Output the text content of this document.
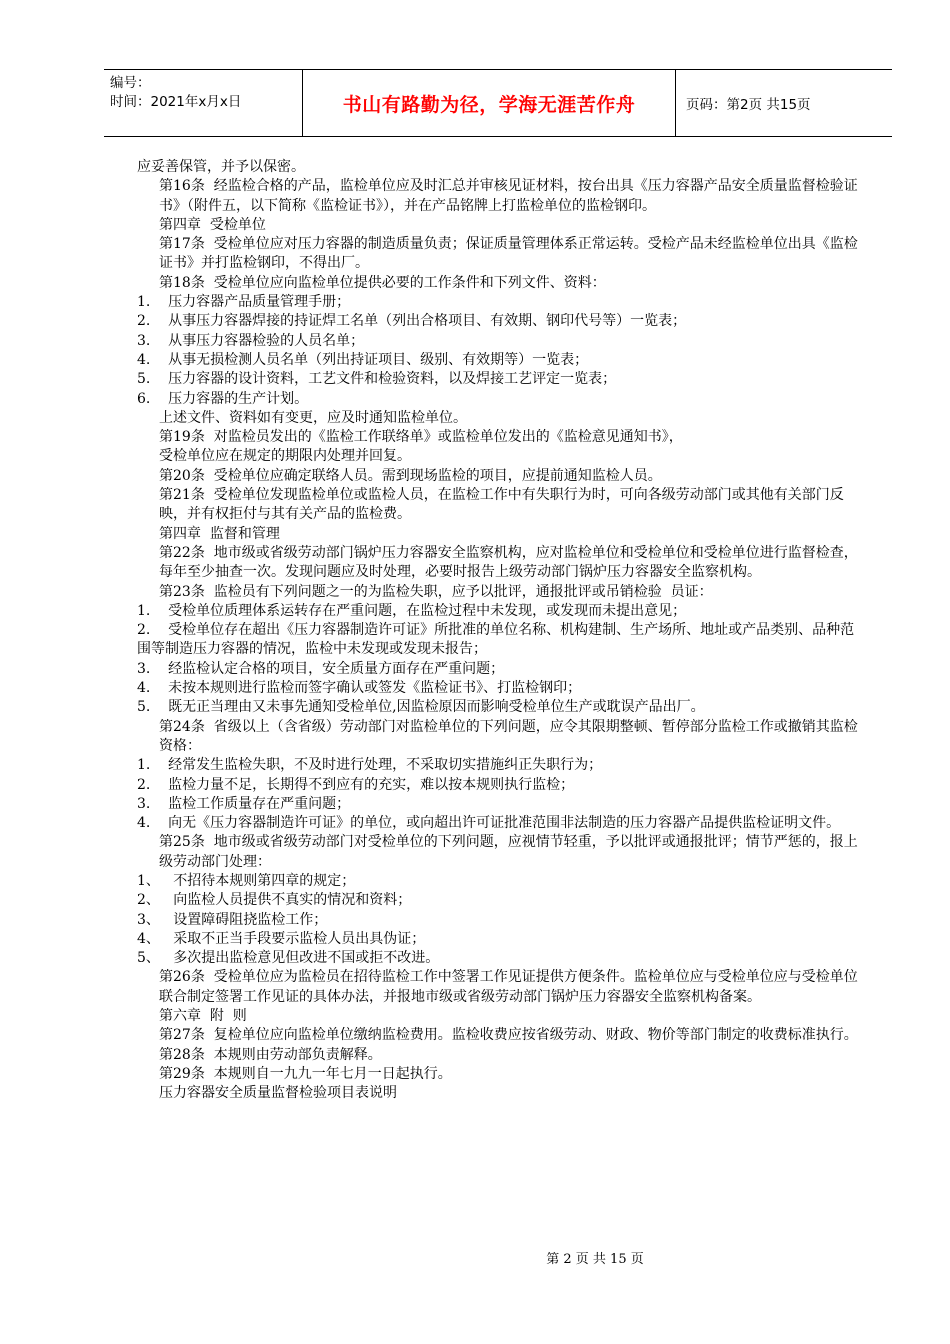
编号：
时间：2021年x月x日	书山有路勤为径，学海无涯苦作舟	页码：第2页 共15页

应妥善保管，并予以保密。

第16条  经监检合格的产品，监检单位应及时汇总并审核见证材料，按台出具《压力容器产品安全质量监督检验证书》（附件五，以下简称《监检证书》），并在产品铭牌上打监检单位的监检钢印。

第四章  受检单位

第17条  受检单位应对压力容器的制造质量负责；保证质量管理体系正常运转。受检产品未经监检单位出具《监检证书》并打监检钢印，不得出厂。

第18条  受检单位应向监检单位提供必要的工作条件和下列文件、资料：

1.    压力容器产品质量管理手册；

2.    从事压力容器焊接的持证焊工名单（列出合格项目、有效期、钢印代号等）一览表；

3.    从事压力容器检验的人员名单；

4.    从事无损检测人员名单（列出持证项目、级别、有效期等）一览表；

5.    压力容器的设计资料，工艺文件和检验资料，以及焊接工艺评定一览表；

6.    压力容器的生产计划。

上述文件、资料如有变更，应及时通知监检单位。

第19条  对监检员发出的《监检工作联络单》或监检单位发出的《监检意见通知书》，

受检单位应在规定的期限内处理并回复。

第20条  受检单位应确定联络人员。需到现场监检的项目，应提前通知监检人员。

第21条  受检单位发现监检单位或监检人员，在监检工作中有失职行为时，可向各级劳动部门或其他有关部门反映，并有权拒付与其有关产品的监检费。

第四章  监督和管理

第22条  地市级或省级劳动部门锅炉压力容器安全监察机构，应对监检单位和受检单位和受检单位进行监督检查，每年至少抽查一次。发现问题应及时处理，必要时报告上级劳动部门锅炉压力容器安全监察机构。

第23条  监检员有下列问题之一的为监检失职，应予以批评，通报批评或吊销检验  员证：

1.    受检单位质理体系运转存在严重问题，在监检过程中未发现，或发现而未提出意见；

2.    受检单位存在超出《压力容器制造许可证》所批准的单位名称、机构建制、生产场所、地址或产品类别、品种范围等制造压力容器的情况，监检中未发现或发现未报告；

3.    经监检认定合格的项目，安全质量方面存在严重问题；

4.    未按本规则进行监检而签字确认或签发《监检证书》、打监检钢印；

5.    既无正当理由又未事先通知受检单位,因监检原因而影响受检单位生产或耽误产品出厂。

第24条  省级以上（含省级）劳动部门对监检单位的下列问题，应令其限期整顿、暂停部分监检工作或撤销其监检资格：

1.    经常发生监检失职，不及时进行处理，不采取切实措施纠正失职行为；

2.    监检力量不足，长期得不到应有的充实，难以按本规则执行监检；

3.    监检工作质量存在严重问题；

4.    向无《压力容器制造许可证》的单位，或向超出许可证批准范围非法制造的压力容器产品提供监检证明文件。

第25条  地市级或省级劳动部门对受检单位的下列问题，应视情节轻重，予以批评或通报批评；情节严惩的，报上级劳动部门处理：

1、   不招待本规则第四章的规定；

2、   向监检人员提供不真实的情况和资料；

3、   设置障碍阻挠监检工作；

4、   采取不正当手段要示监检人员出具伪证；

5、   多次提出监检意见但改进不国或拒不改进。

第26条  受检单位应为监检员在招待监检工作中签署工作见证提供方便条件。监检单位应与受检单位应与受检单位联合制定签署工作见证的具体办法，并报地市级或省级劳动部门锅炉压力容器安全监察机构备案。

第六章  附  则

第27条  复检单位应向监检单位缴纳监检费用。监检收费应按省级劳动、财政、物价等部门制定的收费标准执行。

第28条  本规则由劳动部负责解释。

第29条  本规则自一九九一年七月一日起执行。

压力容器安全质量监督检验项目表说明

第 2 页 共 15 页
